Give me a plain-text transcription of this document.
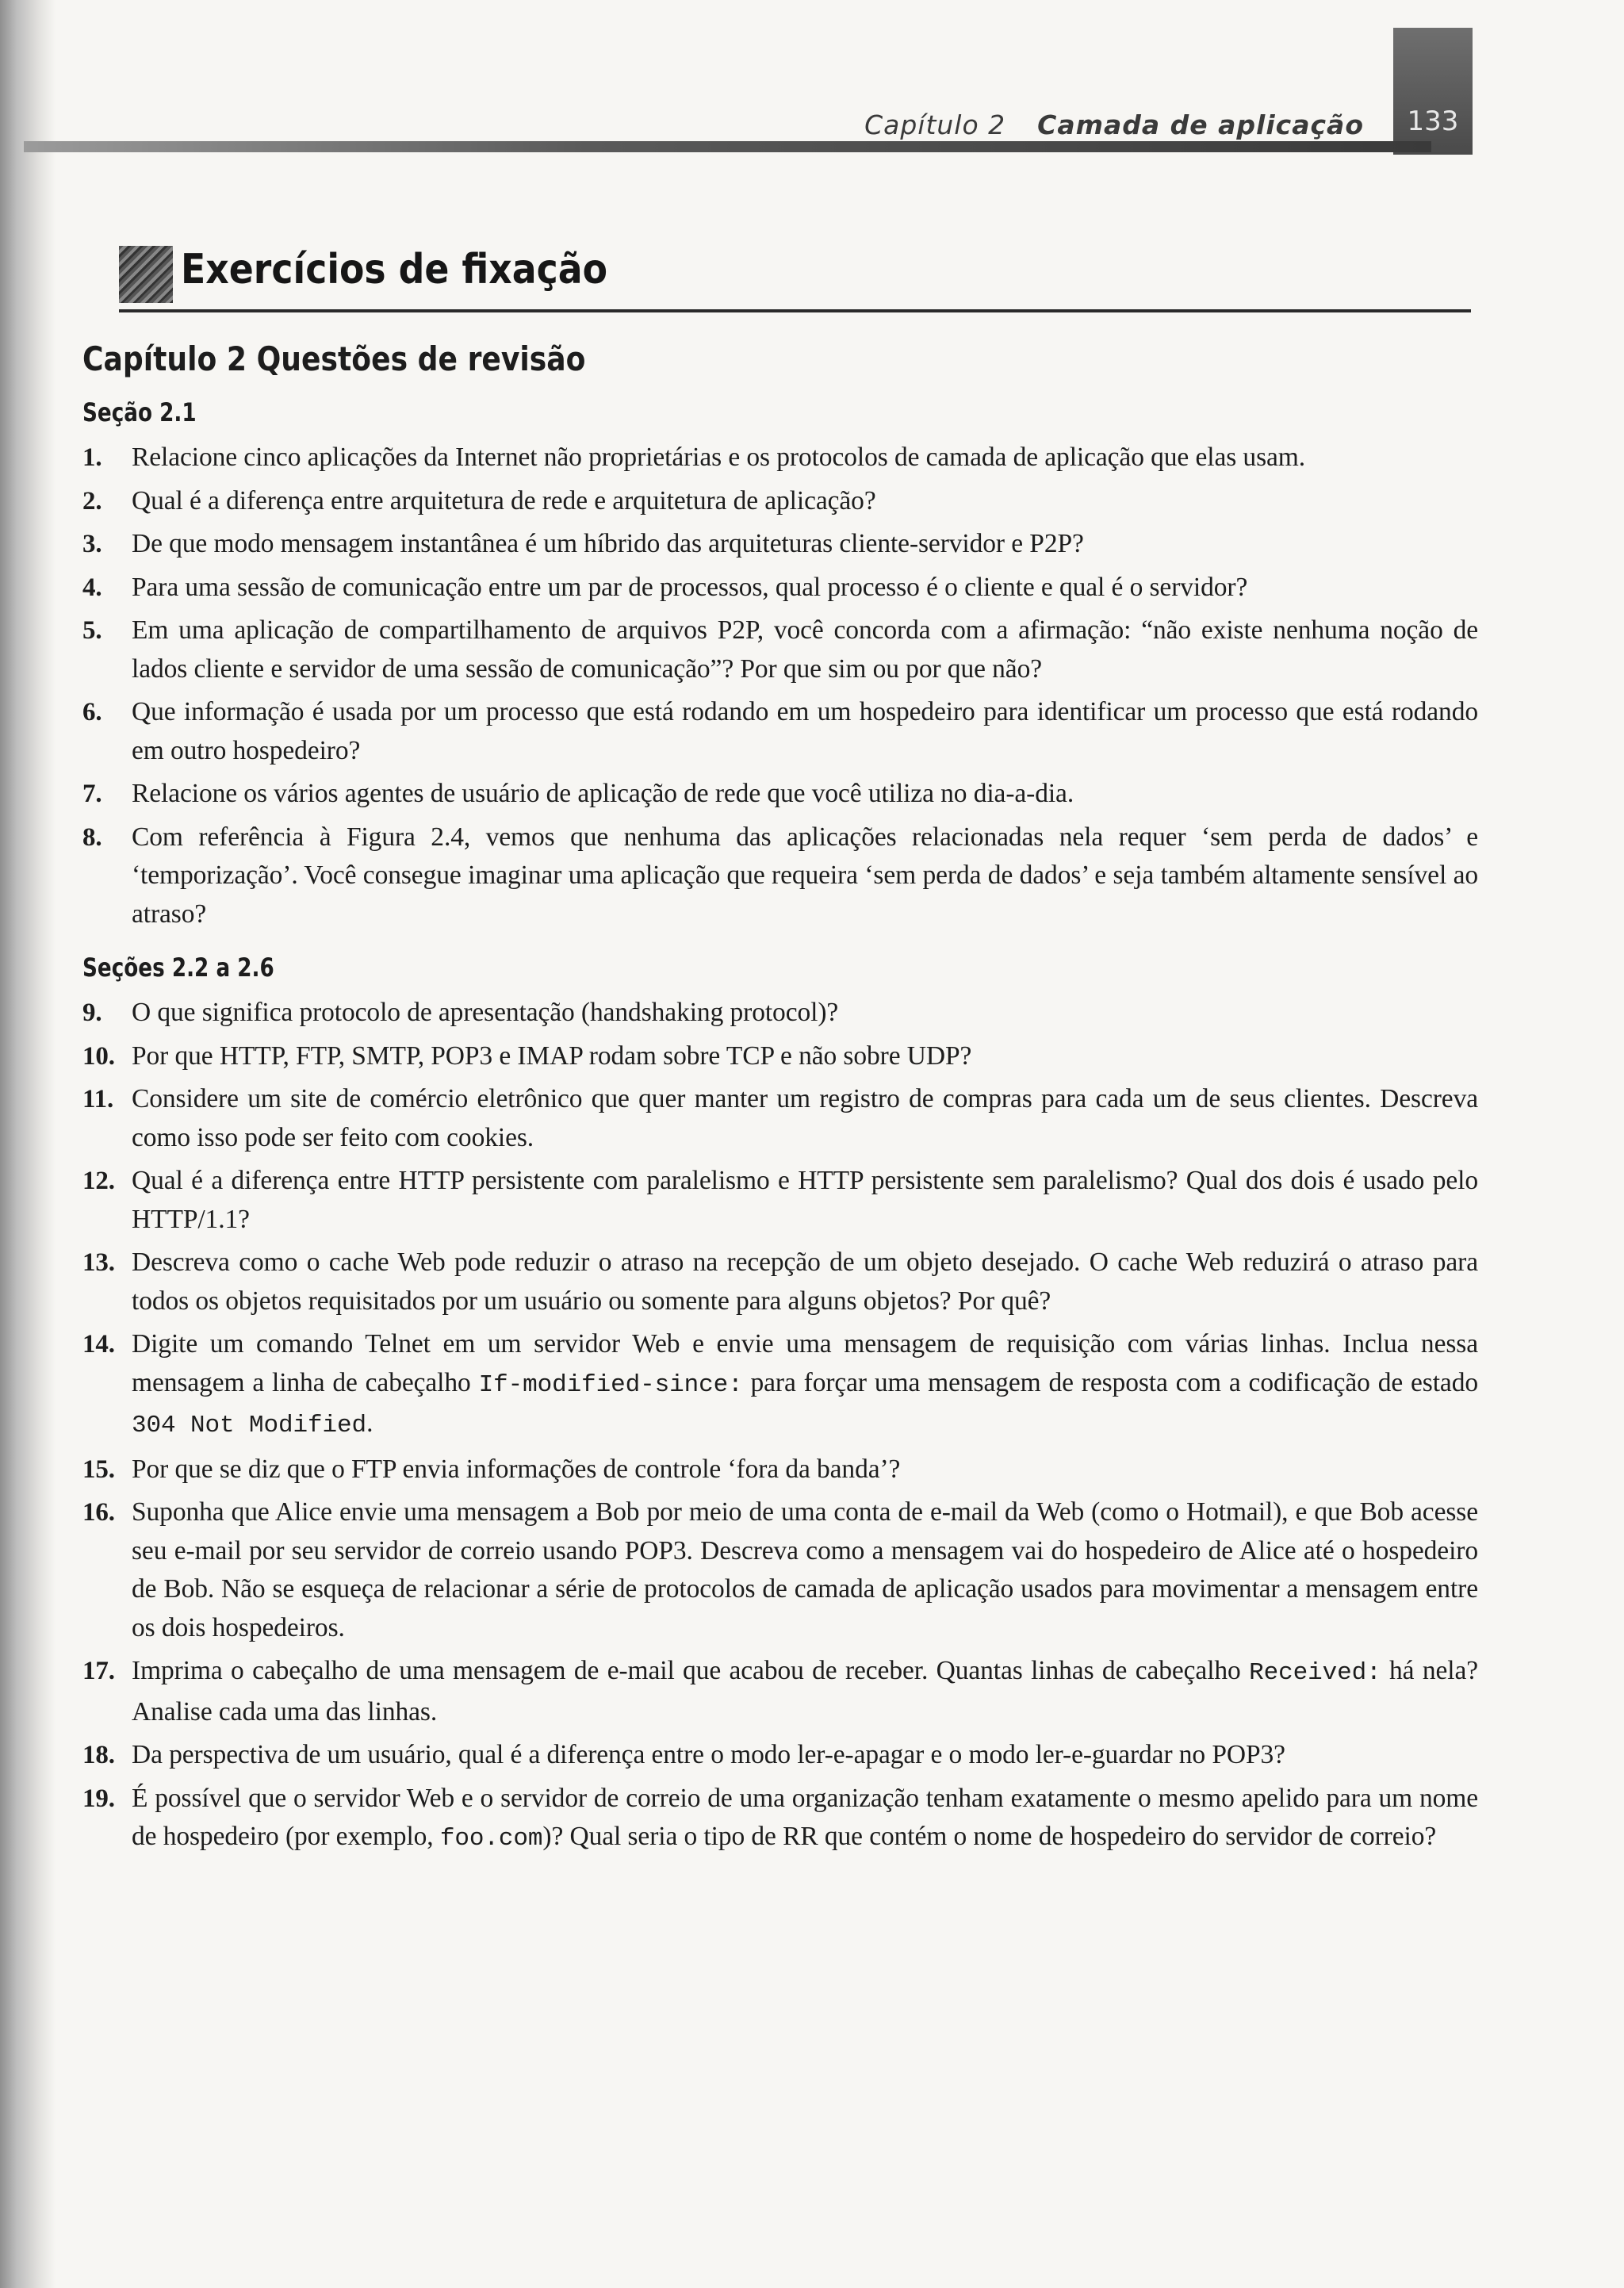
133
Capítulo 2 Camada de aplicação
Exercícios de fixação
Capítulo 2 Questões de revisão
Seção 2.1
1. Relacione cinco aplicações da Internet não proprietárias e os protocolos de camada de aplicação que elas usam.
2. Qual é a diferença entre arquitetura de rede e arquitetura de aplicação?
3. De que modo mensagem instantânea é um híbrido das arquiteturas cliente-servidor e P2P?
4. Para uma sessão de comunicação entre um par de processos, qual processo é o cliente e qual é o servidor?
5. Em uma aplicação de compartilhamento de arquivos P2P, você concorda com a afirmação: “não existe nenhuma noção de lados cliente e servidor de uma sessão de comunicação”? Por que sim ou por que não?
6. Que informação é usada por um processo que está rodando em um hospedeiro para identificar um processo que está rodando em outro hospedeiro?
7. Relacione os vários agentes de usuário de aplicação de rede que você utiliza no dia-a-dia.
8. Com referência à Figura 2.4, vemos que nenhuma das aplicações relacionadas nela requer ‘sem perda de dados’ e ‘temporização’. Você consegue imaginar uma aplicação que requeira ‘sem perda de dados’ e seja também altamente sensível ao atraso?
Seções 2.2 a 2.6
9. O que significa protocolo de apresentação (handshaking protocol)?
10. Por que HTTP, FTP, SMTP, POP3 e IMAP rodam sobre TCP e não sobre UDP?
11. Considere um site de comércio eletrônico que quer manter um registro de compras para cada um de seus clientes. Descreva como isso pode ser feito com cookies.
12. Qual é a diferença entre HTTP persistente com paralelismo e HTTP persistente sem paralelismo? Qual dos dois é usado pelo HTTP/1.1?
13. Descreva como o cache Web pode reduzir o atraso na recepção de um objeto desejado. O cache Web reduzirá o atraso para todos os objetos requisitados por um usuário ou somente para alguns objetos? Por quê?
14. Digite um comando Telnet em um servidor Web e envie uma mensagem de requisição com várias linhas. Inclua nessa mensagem a linha de cabeçalho If-modified-since: para forçar uma mensagem de resposta com a codificação de estado 304 Not Modified.
15. Por que se diz que o FTP envia informações de controle ‘fora da banda’?
16. Suponha que Alice envie uma mensagem a Bob por meio de uma conta de e-mail da Web (como o Hotmail), e que Bob acesse seu e-mail por seu servidor de correio usando POP3. Descreva como a mensagem vai do hospedeiro de Alice até o hospedeiro de Bob. Não se esqueça de relacionar a série de protocolos de camada de aplicação usados para movimentar a mensagem entre os dois hospedeiros.
17. Imprima o cabeçalho de uma mensagem de e-mail que acabou de receber. Quantas linhas de cabeçalho Received: há nela? Analise cada uma das linhas.
18. Da perspectiva de um usuário, qual é a diferença entre o modo ler-e-apagar e o modo ler-e-guardar no POP3?
19. É possível que o servidor Web e o servidor de correio de uma organização tenham exatamente o mesmo apelido para um nome de hospedeiro (por exemplo, foo.com)? Qual seria o tipo de RR que contém o nome de hospedeiro do servidor de correio?
